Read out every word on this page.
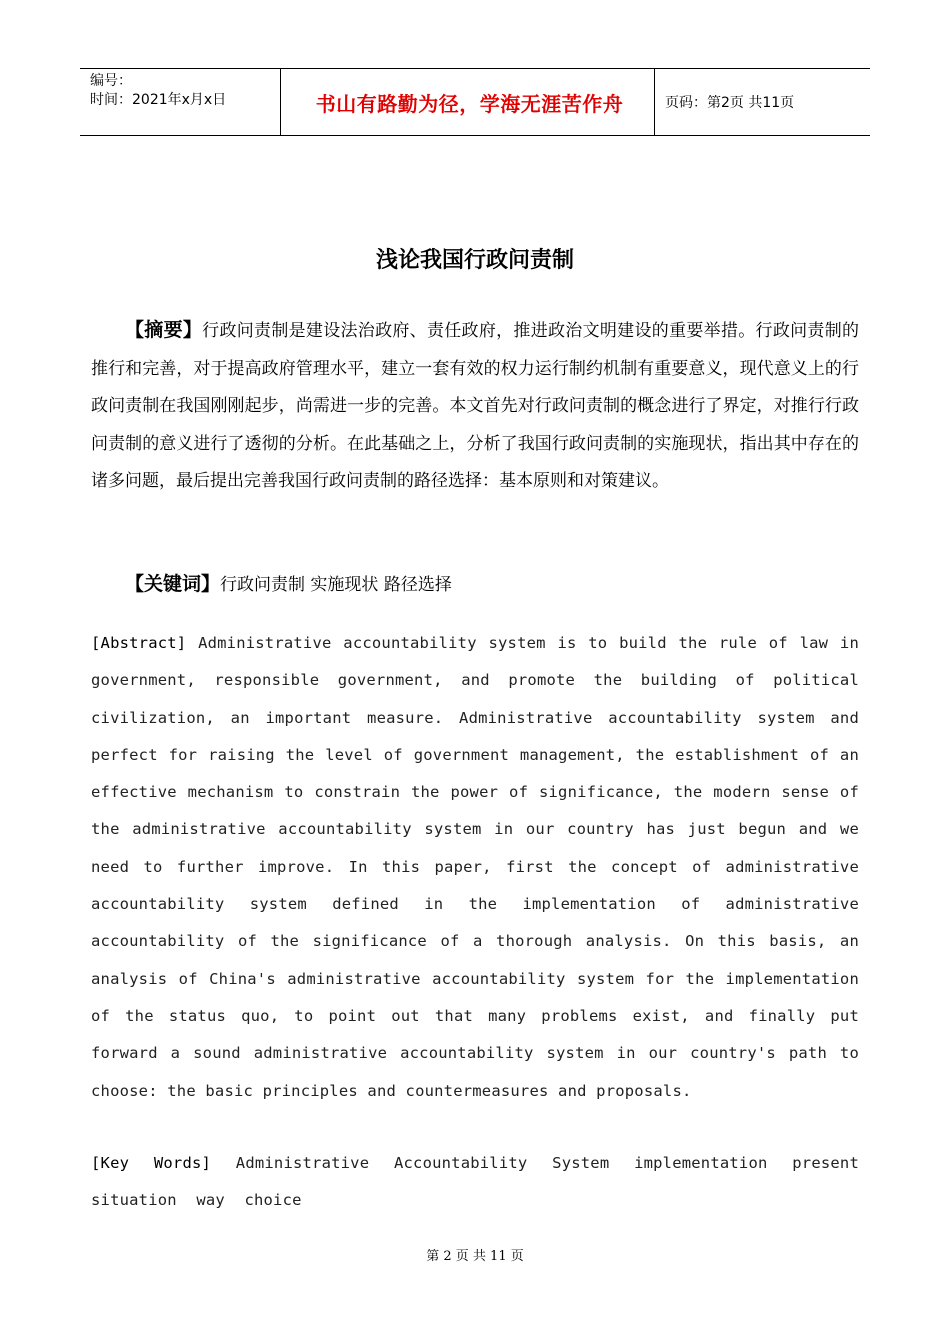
编号：
时间：2021年x月x日	书山有路勤为径，学海无涯苦作舟	页码：第2页 共11页
浅论我国行政问责制
【摘要】行政问责制是建设法治政府、责任政府，推进政治文明建设的重要举措。行政问责制的推行和完善，对于提高政府管理水平，建立一套有效的权力运行制约机制有重要意义，现代意义上的行政问责制在我国刚刚起步，尚需进一步的完善。本文首先对行政问责制的概念进行了界定，对推行行政问责制的意义进行了透彻的分析。在此基础之上，分析了我国行政问责制的实施现状，指出其中存在的诸多问题，最后提出完善我国行政问责制的路径选择：基本原则和对策建议。
【关键词】行政问责制 实施现状 路径选择
[Abstract] Administrative accountability system is to build the rule of law in government, responsible government, and promote the building of political civilization, an important measure. Administrative accountability system and perfect for raising the level of government management, the establishment of an effective mechanism to constrain the power of significance, the modern sense of the administrative accountability system in our country has just begun and we need to further improve. In this paper, first the concept of administrative accountability system defined in the implementation of administrative accountability of the significance of a thorough analysis. On this basis, an analysis of China's administrative accountability system for the implementation of the status quo, to point out that many problems exist, and finally put forward a sound administrative accountability system in our country's path to choose: the basic principles and countermeasures and proposals.
[Key Words] Administrative Accountability System implementation present situation way choice
第 2 页 共 11 页
